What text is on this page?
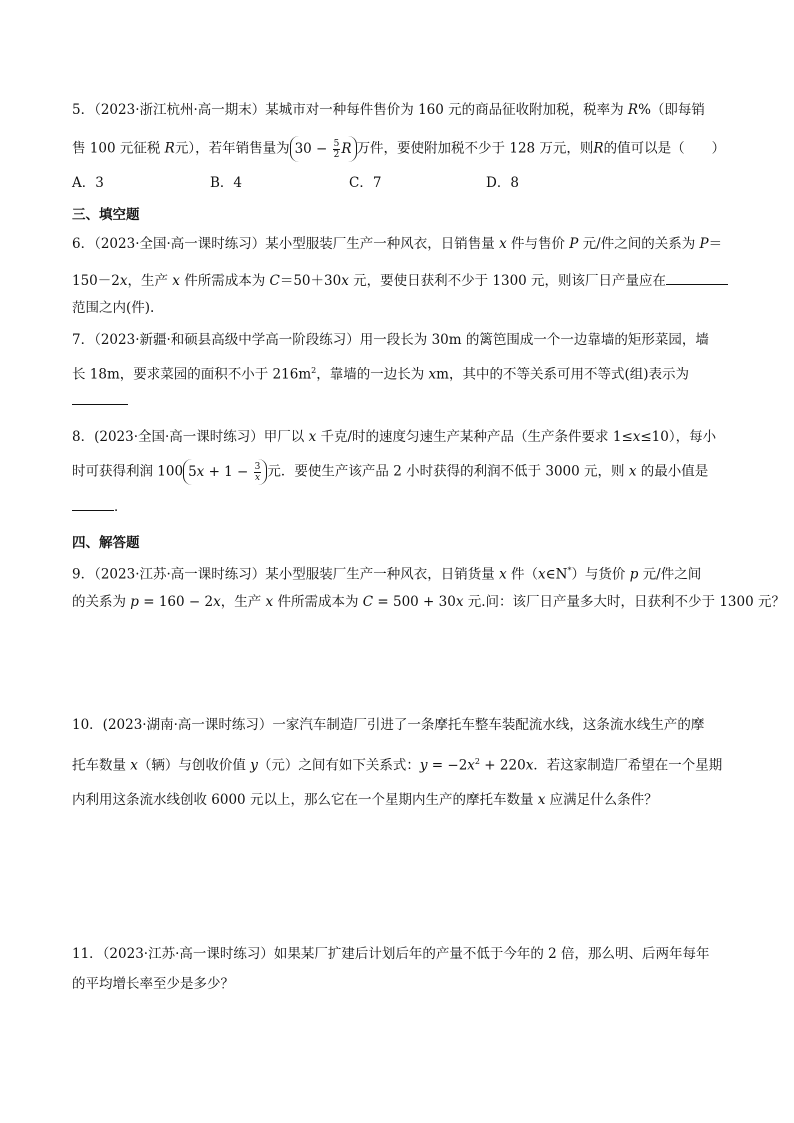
5．（2023·浙江杭州·高一期末）某城市对一种每件售价为 160 元的商品征收附加税，税率为 R%（即每销
售 100 元征税 R元），若年销售量为 $30 - \frac{5}{2}$ R 万件，要使附加税不少于 128 万元，则R的值可以是（　　）
A．3	B．4	C．7	D．8
三、填空题
6．（2023·全国·高一课时练习）某小型服装厂生产一种风衣，日销售量 x 件与售价 P 元/件之间的关系为 P＝
150－2x，生产 x 件所需成本为 C＝50＋30x 元，要使日获利不少于 1300 元，则该厂日产量应在
范围之内(件).
7．（2023·新疆·和硕县高级中学高一阶段练习）用一段长为 30m 的篱笆围成一个一边靠墙的矩形菜园，墙
长 18m，要求菜园的面积不小于 $216m^2$，靠墙的一边长为 xm，其中的不等关系可用不等式(组)表示为
8．(2023·全国·高一课时练习）甲厂以 x 千克/时的速度匀速生产某种产品（生产条件要求 1≤x≤10），每小
时可获得利润 100 $5x + 1 - \frac{3}{x}$ 元．要使生产该产品 2 小时获得的利润不低于 3000 元，则 x 的最小值是
．
四、解答题
9．（2023·江苏·高一课时练习）某小型服装厂生产一种风衣，日销货量 x 件（x∈N*）与货价 p 元/件之间
的关系为 p = 160 − 2x，生产 x 件所需成本为 C = 500 + 30x 元.问：该厂日产量多大时，日获利不少于 1300 元？
10．(2023·湖南·高一课时练习）一家汽车制造厂引进了一条摩托车整车装配流水线，这条流水线生产的摩
托车数量 x（辆）与创收价值 y（元）之间有如下关系式：$y = -2x^2 + 220x$．若这家制造厂希望在一个星期
内利用这条流水线创收 6000 元以上，那么它在一个星期内生产的摩托车数量 x 应满足什么条件？
11．（2023·江苏·高一课时练习）如果某厂扩建后计划后年的产量不低于今年的 2 倍，那么明、后两年每年
的平均增长率至少是多少？
